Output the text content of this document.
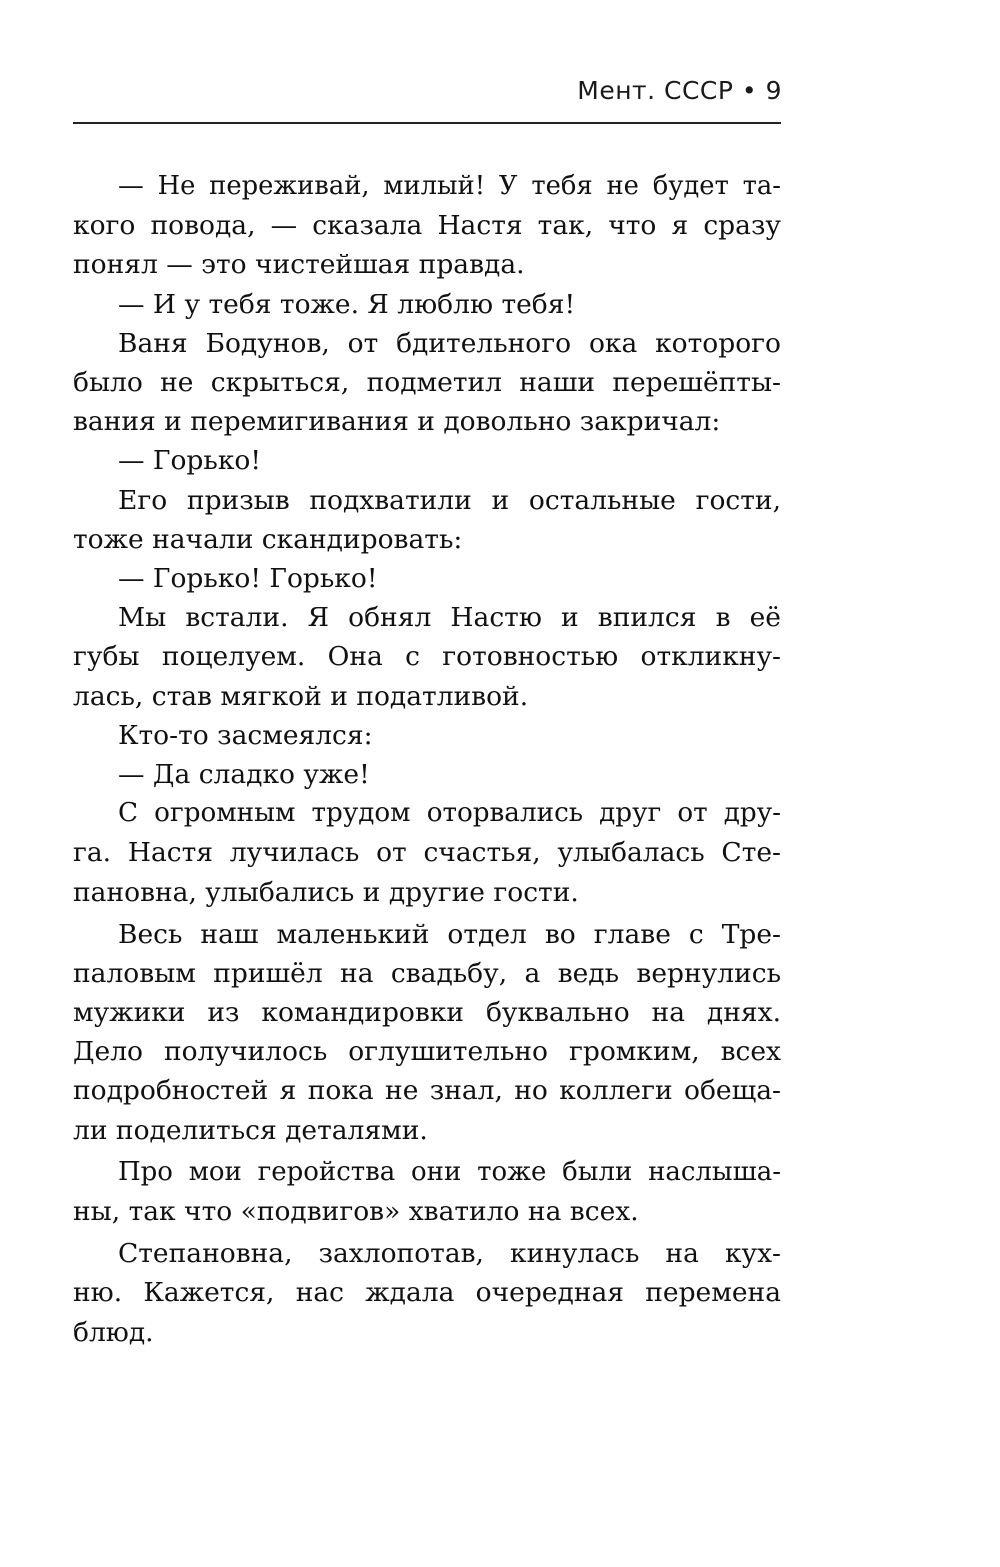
Мент. СССР • 9
— Не переживай, милый! У тебя не будет та-
кого повода, — сказала Настя так, что я сразу
понял — это чистейшая правда.
— И у тебя тоже. Я люблю тебя!
Ваня Бодунов, от бдительного ока которого
было не скрыться, подметил наши перешёпты-
вания и перемигивания и довольно закричал:
— Горько!
Его призыв подхватили и остальные гости,
тоже начали скандировать:
— Горько! Горько!
Мы встали. Я обнял Настю и впился в её
губы поцелуем. Она с готовностью откликну-
лась, став мягкой и податливой.
Кто-то засмеялся:
— Да сладко уже!
С огромным трудом оторвались друг от дру-
га. Настя лучилась от счастья, улыбалась Сте-
пановна, улыбались и другие гости.
Весь наш маленький отдел во главе с Тре-
паловым пришёл на свадьбу, а ведь вернулись
мужики из командировки буквально на днях.
Дело получилось оглушительно громким, всех
подробностей я пока не знал, но коллеги обеща-
ли поделиться деталями.
Про мои геройства они тоже были наслыша-
ны, так что «подвигов» хватило на всех.
Степановна, захлопотав, кинулась на кух-
ню. Кажется, нас ждала очередная перемена
блюд.
